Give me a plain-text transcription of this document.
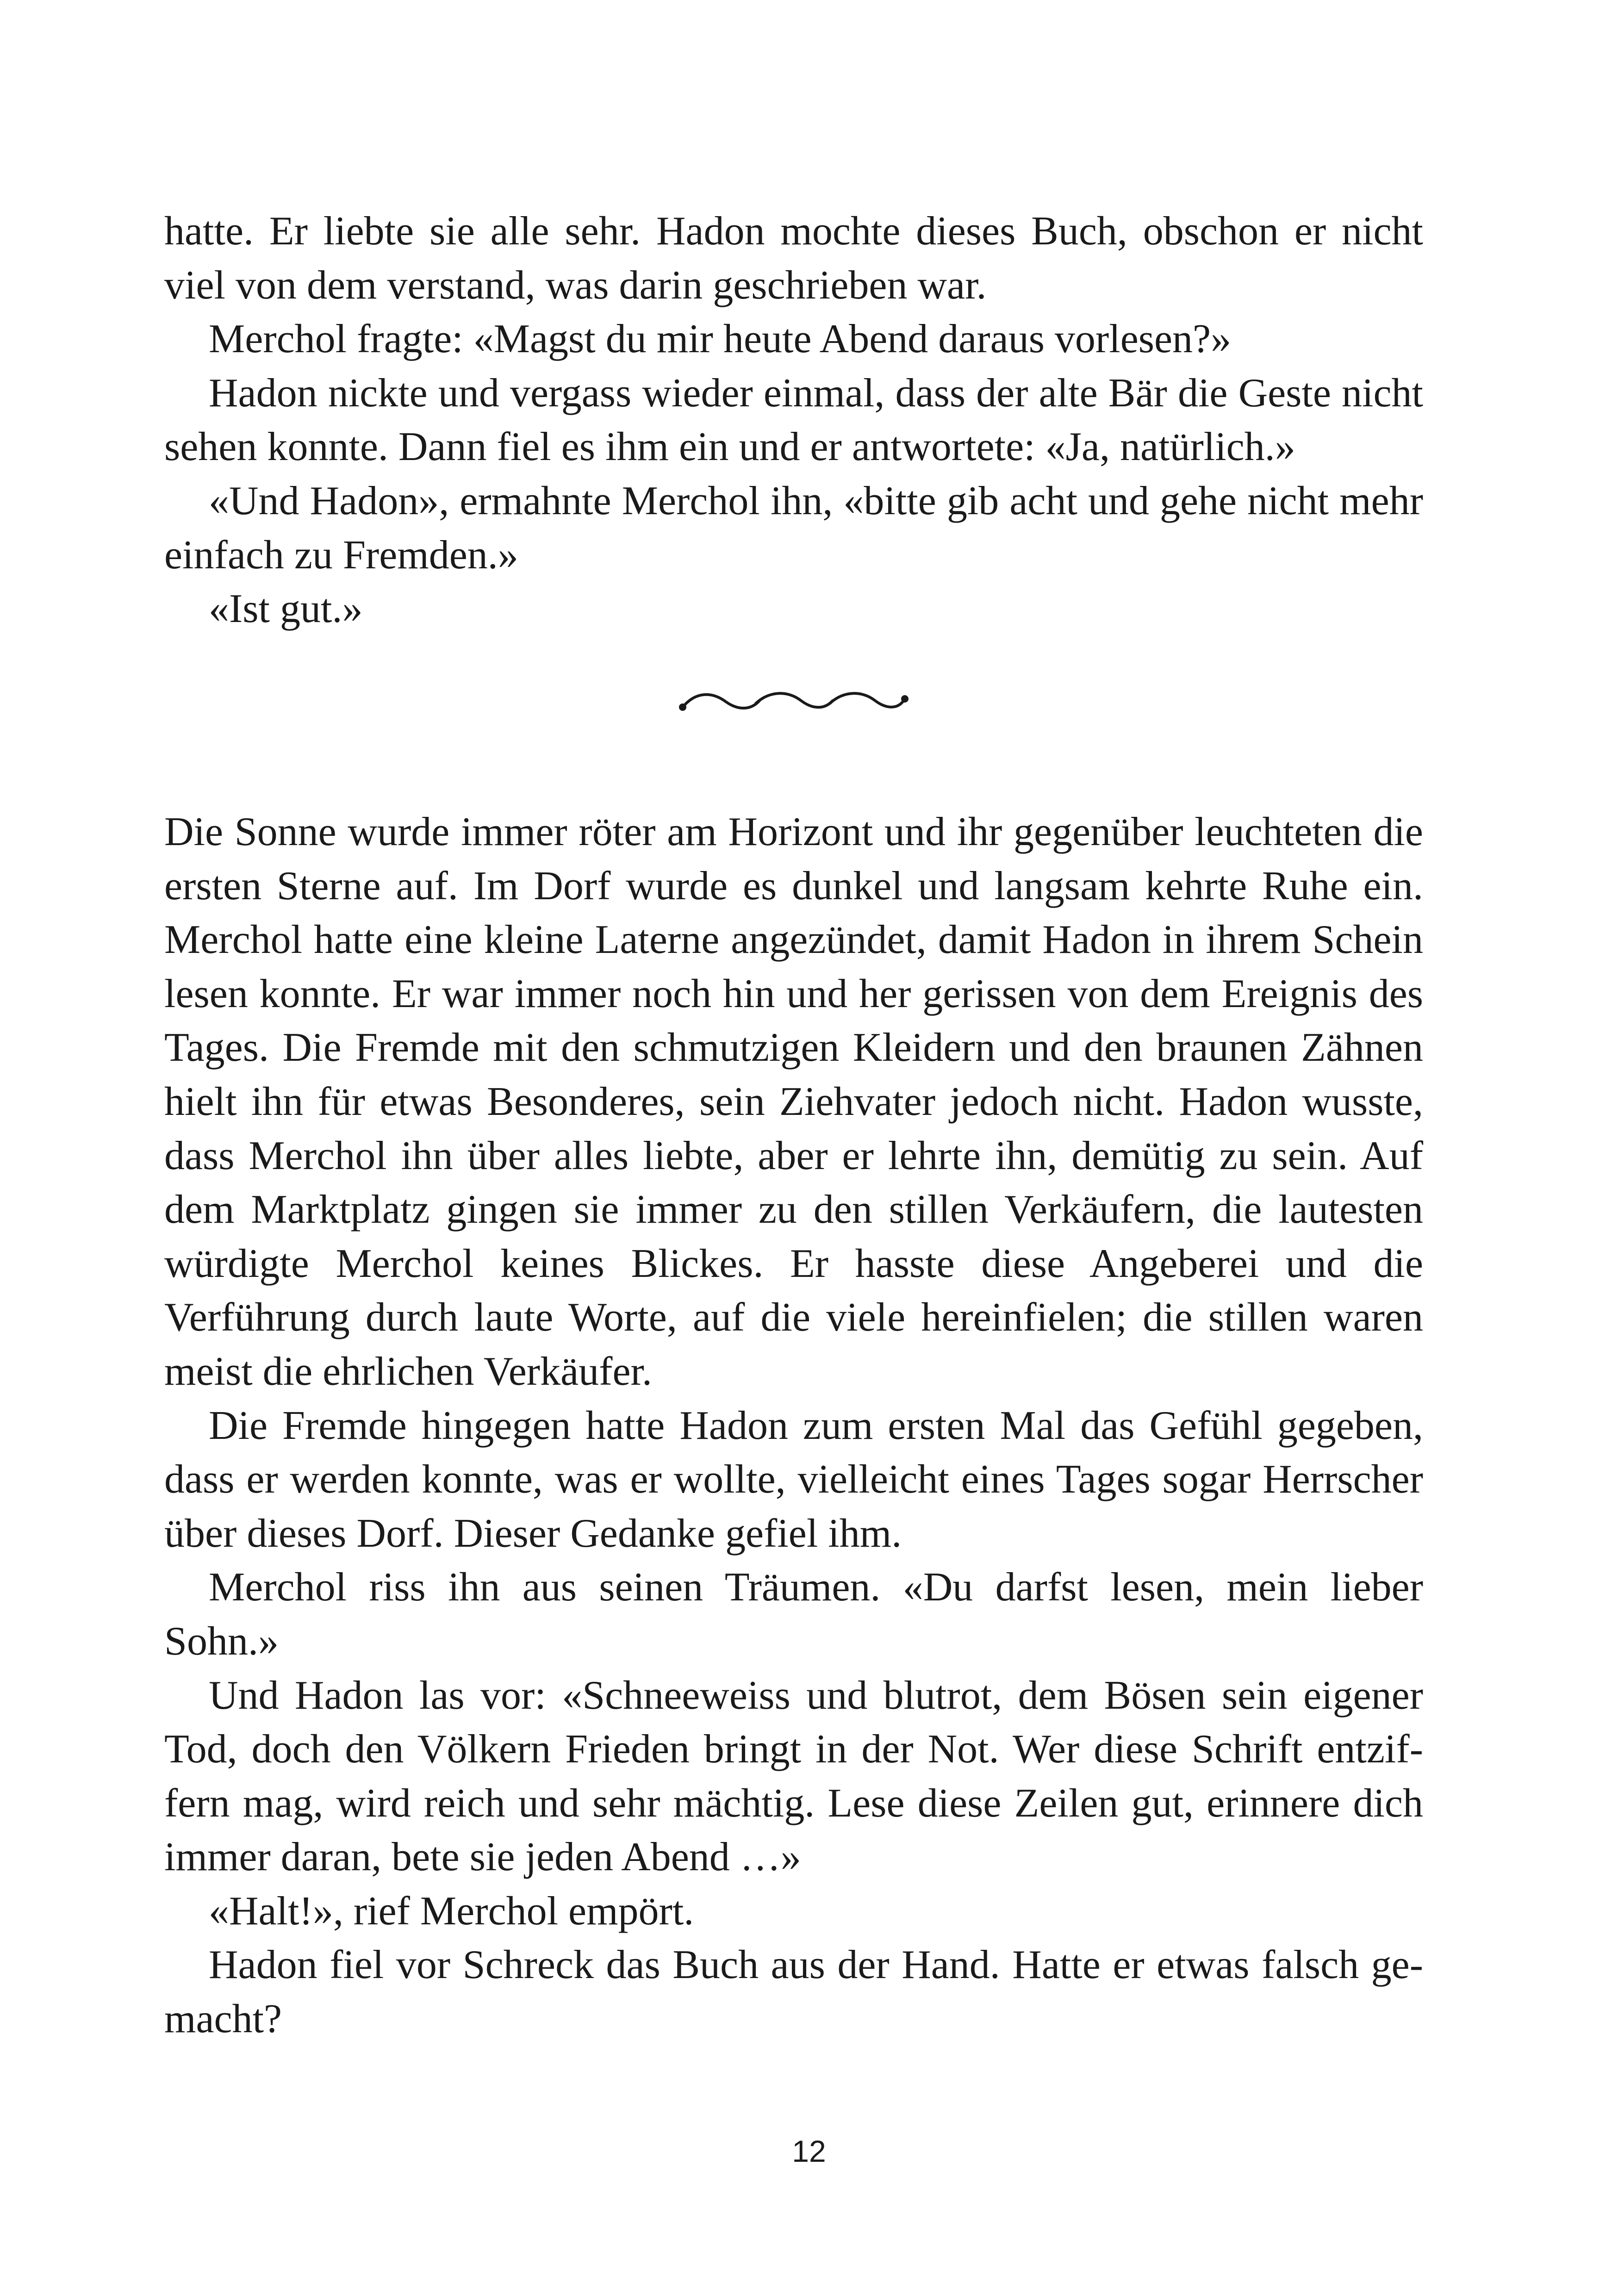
hatte. Er liebte sie alle sehr. Hadon mochte dieses Buch, obschon er nicht viel von dem verstand, was darin geschrieben war.

Merchol fragte: «Magst du mir heute Abend daraus vorlesen?»

Hadon nickte und vergass wieder einmal, dass der alte Bär die Geste nicht sehen konnte. Dann fiel es ihm ein und er antwortete: «Ja, natürlich.»

«Und Hadon», ermahnte Merchol ihn, «bitte gib acht und gehe nicht mehr einfach zu Fremden.»

«Ist gut.»

Die Sonne wurde immer röter am Horizont und ihr gegenüber leuchteten die ersten Sterne auf. Im Dorf wurde es dunkel und langsam kehrte Ruhe ein. Merchol hatte eine kleine Laterne angezündet, damit Hadon in ihrem Schein lesen konnte. Er war immer noch hin und her gerissen von dem Ereignis des Tages. Die Fremde mit den schmutzigen Kleidern und den braunen Zähnen hielt ihn für etwas Besonderes, sein Ziehvater jedoch nicht. Hadon wusste, dass Merchol ihn über alles liebte, aber er lehrte ihn, demütig zu sein. Auf dem Marktplatz gingen sie immer zu den stillen Verkäufern, die lautesten würdigte Merchol keines Blickes. Er hasste diese Angeberei und die Verführung durch laute Worte, auf die viele hereinfielen; die stillen waren meist die ehrlichen Verkäufer.

Die Fremde hingegen hatte Hadon zum ersten Mal das Gefühl gegeben, dass er werden konnte, was er wollte, vielleicht eines Tages sogar Herrscher über dieses Dorf. Dieser Gedanke gefiel ihm.

Merchol riss ihn aus seinen Träumen. «Du darfst lesen, mein lieber Sohn.»

Und Hadon las vor: «Schneeweiss und blutrot, dem Bösen sein eigener Tod, doch den Völkern Frieden bringt in der Not. Wer diese Schrift entziffern mag, wird reich und sehr mächtig. Lese diese Zeilen gut, erinnere dich immer daran, bete sie jeden Abend …»

«Halt!», rief Merchol empört.

Hadon fiel vor Schreck das Buch aus der Hand. Hatte er etwas falsch gemacht?

12
